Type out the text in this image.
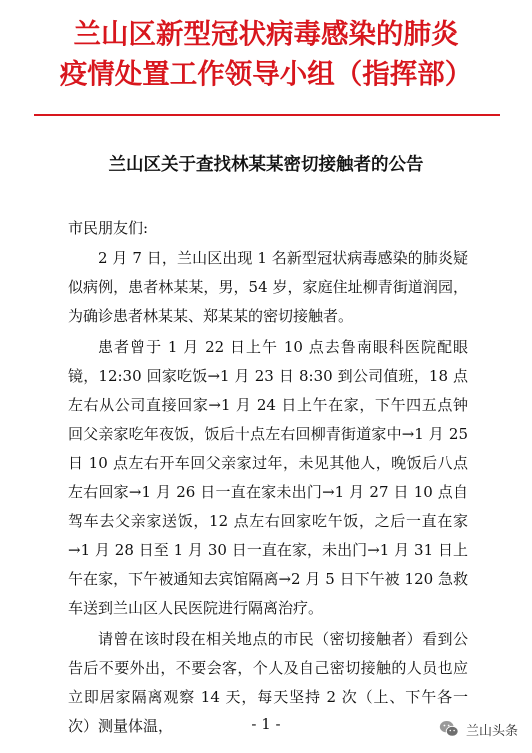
兰山区新型冠状病毒感染的肺炎
疫情处置工作领导小组（指挥部）
兰山区关于查找林某某密切接触者的公告
市民朋友们:

2 月 7 日，兰山区出现 1 名新型冠状病毒感染的肺炎疑似病例，患者林某某，男，54 岁，家庭住址柳青街道润园，为确诊患者林某某、郑某某的密切接触者。

患者曾于 1 月 22 日上午 10 点去鲁南眼科医院配眼镜，12:30 回家吃饭→1 月 23 日 8:30 到公司值班，18 点左右从公司直接回家→1 月 24 日上午在家，下午四五点钟回父亲家吃年夜饭，饭后十点左右回柳青街道家中→1 月 25 日 10 点左右开车回父亲家过年，未见其他人，晚饭后八点左右回家→1 月 26 日一直在家未出门→1 月 27 日 10 点自驾车去父亲家送饭，12 点左右回家吃午饭，之后一直在家→1 月 28 日至 1 月 30 日一直在家，未出门→1 月 31 日上午在家，下午被通知去宾馆隔离→2 月 5 日下午被 120 急救车送到兰山区人民医院进行隔离治疗。

请曾在该时段在相关地点的市民（密切接触者）看到公告后不要外出，不要会客，个人及自己密切接触的人员也应立即居家隔离观察 14 天，每天坚持 2 次（上、下午各一次）测量体温，	- 1 -	兰山头条
